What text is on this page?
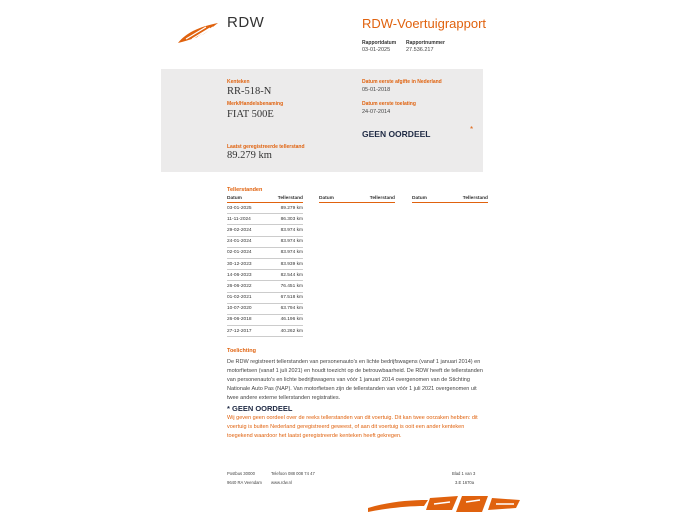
RDW	RDW-Voertuigrapport
Rapportdatum
03-01-2025
Rapportnummer
27.536.217
Kenteken
RR-518-N
Merk/Handelsbenaming
FIAT 500E
Datum eerste afgifte in Nederland
05-01-2018
Datum eerste toelating
24-07-2014
GEEN OORDEEL	*
Laatst geregistreerde tellerstand
89.279 km
Tellerstanden
Datum	Tellerstand
03-01-2025	89.279 km
11-11-2024	86.303 km
29-02-2024	83.974 km
24-01-2024	83.974 km
02-01-2024	83.974 km
30-12-2023	83.939 km
14-06-2023	82.544 km
26-06-2022	76.451 km
01-02-2021	67.518 km
10-07-2020	63.794 km
26-06-2018	46.196 km
27-12-2017	40.262 km
Datum	Tellerstand	Datum	Tellerstand
Toelichting
De RDW registreert tellerstanden van personenauto's en lichte bedrijfswagens (vanaf 1 januari 2014) en
motorfietsen (vanaf 1 juli 2021) en houdt toezicht op de betrouwbaarheid. De RDW heeft de tellerstanden
van personenauto's en lichte bedrijfswagens van vóór 1 januari 2014 overgenomen van de Stichting
Nationale Auto Pas (NAP). Van motorfietsen zijn de tellerstanden van vóór 1 juli 2021 overgenomen uit
twee andere externe tellerstanden registraties.
* GEEN OORDEEL
Wij geven geen oordeel over de reeks tellerstanden van dit voertuig. Dit kan twee oorzaken hebben: dit
voertuig is buiten Nederland geregistreerd geweest, of aan dit voertuig is ooit een ander kenteken
toegekend waardoor het laatst geregistreerde kenteken heeft gekregen.
Postbus 30000
9640 RA Veendam
Telefoon 088 008 74 47
www.rdw.nl
Blad 1 van 3
3.E 1670a
